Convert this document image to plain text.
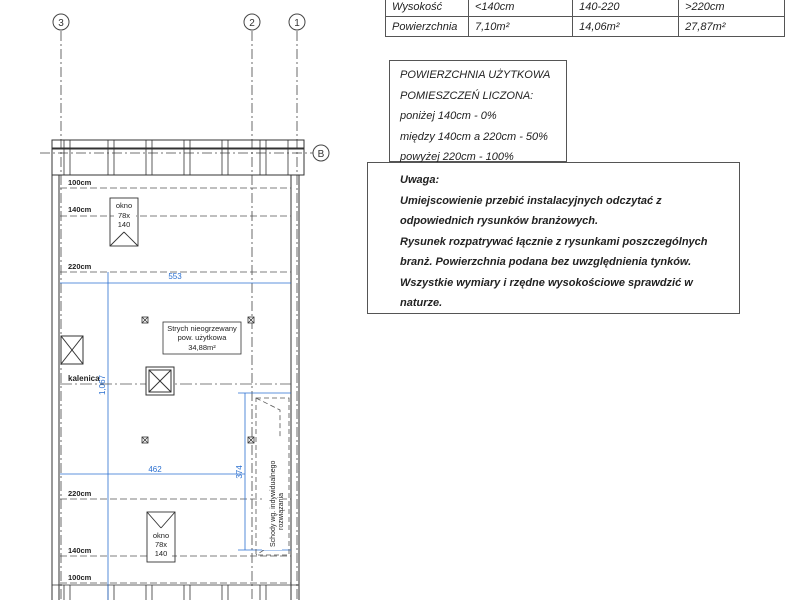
3	2	1
B
100cm
140cm
220cm
220cm
140cm
100cm
553
462
1,067
374
kalenica
okno
78x
140
okno
78x
140
Strych nieogrzewany
pow. użytkowa
34,88m²
Schody wg. indywidualnego rozwiązania
Wysokość	<140cm	140-220	>220cm
Powierzchnia	7,10m²	14,06m²	27,87m²
POWIERZCHNIA UŻYTKOWA
POMIESZCZEŃ LICZONA:
poniżej 140cm - 0%
między 140cm a 220cm - 50%
powyżej 220cm - 100%
Uwaga:
Umiejscowienie przebić instalacyjnych odczytać z
odpowiednich rysunków branżowych.
Rysunek rozpatrywać łącznie z rysunkami poszczególnych
branż. Powierzchnia podana bez uwzględnienia tynków.
Wszystkie wymiary i rzędne wysokościowe sprawdzić w
naturze.
